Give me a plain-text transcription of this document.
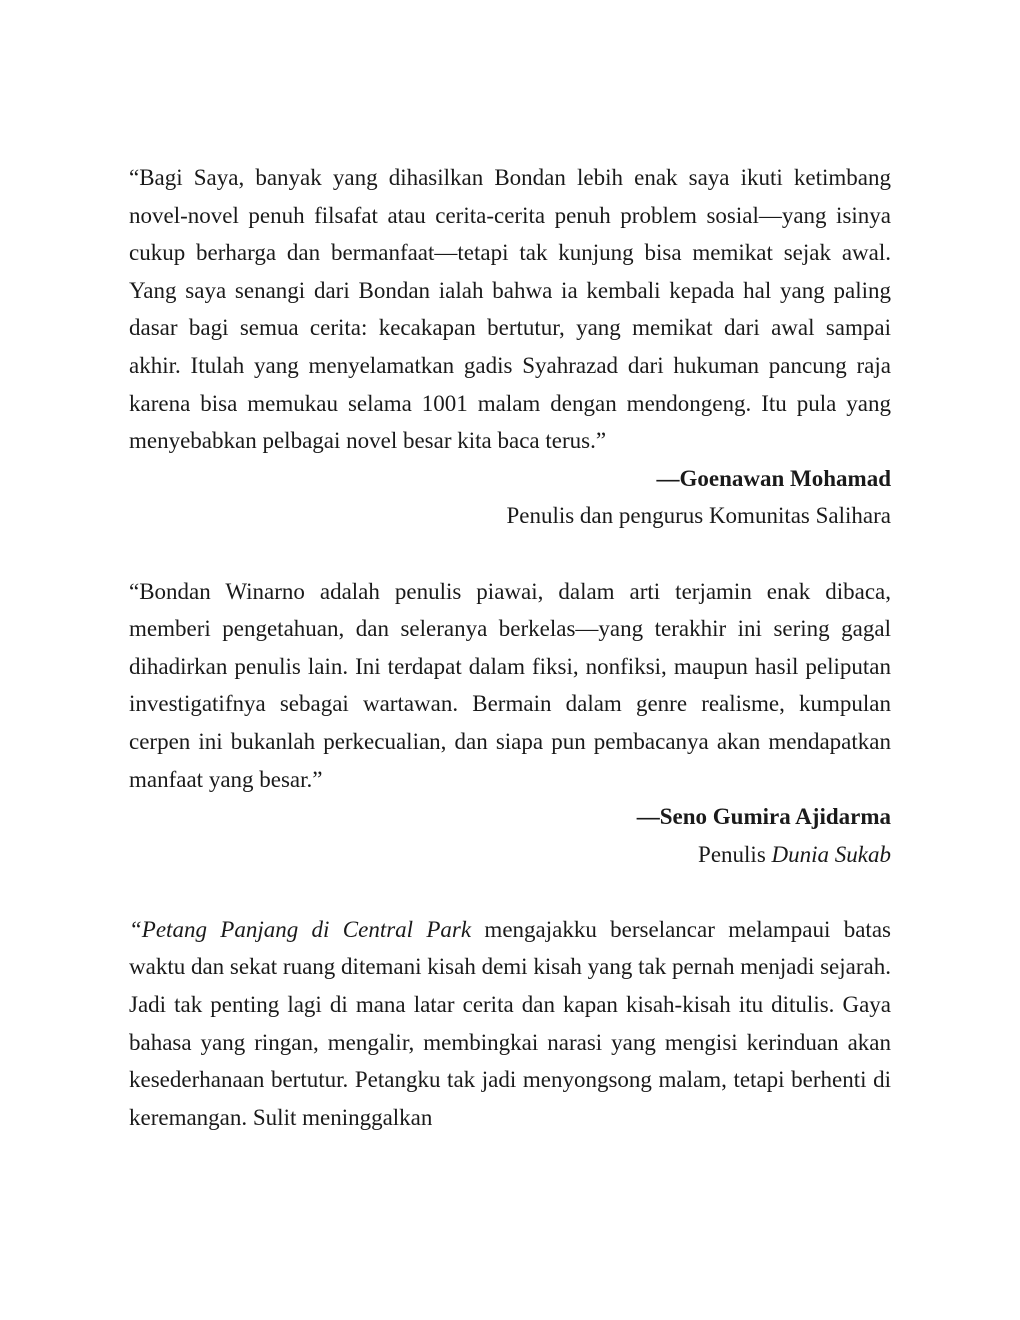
“Bagi Saya, banyak yang dihasilkan Bondan lebih enak saya ikuti ketimbang novel-novel penuh filsafat atau cerita-cerita penuh problem sosial—yang isinya cukup berharga dan bermanfaat—tetapi tak kunjung bisa memikat sejak awal. Yang saya senangi dari Bondan ialah bahwa ia kembali kepada hal yang paling dasar bagi semua cerita: kecakapan bertutur, yang memikat dari awal sampai akhir. Itulah yang menyelamatkan gadis Syahrazad dari hukuman pancung raja karena bisa memukau selama 1001 malam dengan mendongeng. Itu pula yang menyebabkan pelbagai novel besar kita baca terus.”

—Goenawan Mohamad

Penulis dan pengurus Komunitas Salihara

“Bondan Winarno adalah penulis piawai, dalam arti terjamin enak dibaca, memberi pengetahuan, dan seleranya berkelas—yang terakhir ini sering gagal dihadirkan penulis lain. Ini terdapat dalam fiksi, nonfiksi, maupun hasil peliputan investigatifnya sebagai wartawan. Bermain dalam genre realisme, kumpulan cerpen ini bukanlah perkecualian, dan siapa pun pembacanya akan mendapatkan manfaat yang besar.”

—Seno Gumira Ajidarma

Penulis Dunia Sukab

“Petang Panjang di Central Park mengajakku berselancar melampaui batas waktu dan sekat ruang ditemani kisah demi kisah yang tak pernah menjadi sejarah. Jadi tak penting lagi di mana latar cerita dan kapan kisah-kisah itu ditulis. Gaya bahasa yang ringan, mengalir, membingkai narasi yang mengisi kerinduan akan kesederhanaan bertutur. Petangku tak jadi menyongsong malam, tetapi berhenti di keremangan. Sulit meninggalkan
